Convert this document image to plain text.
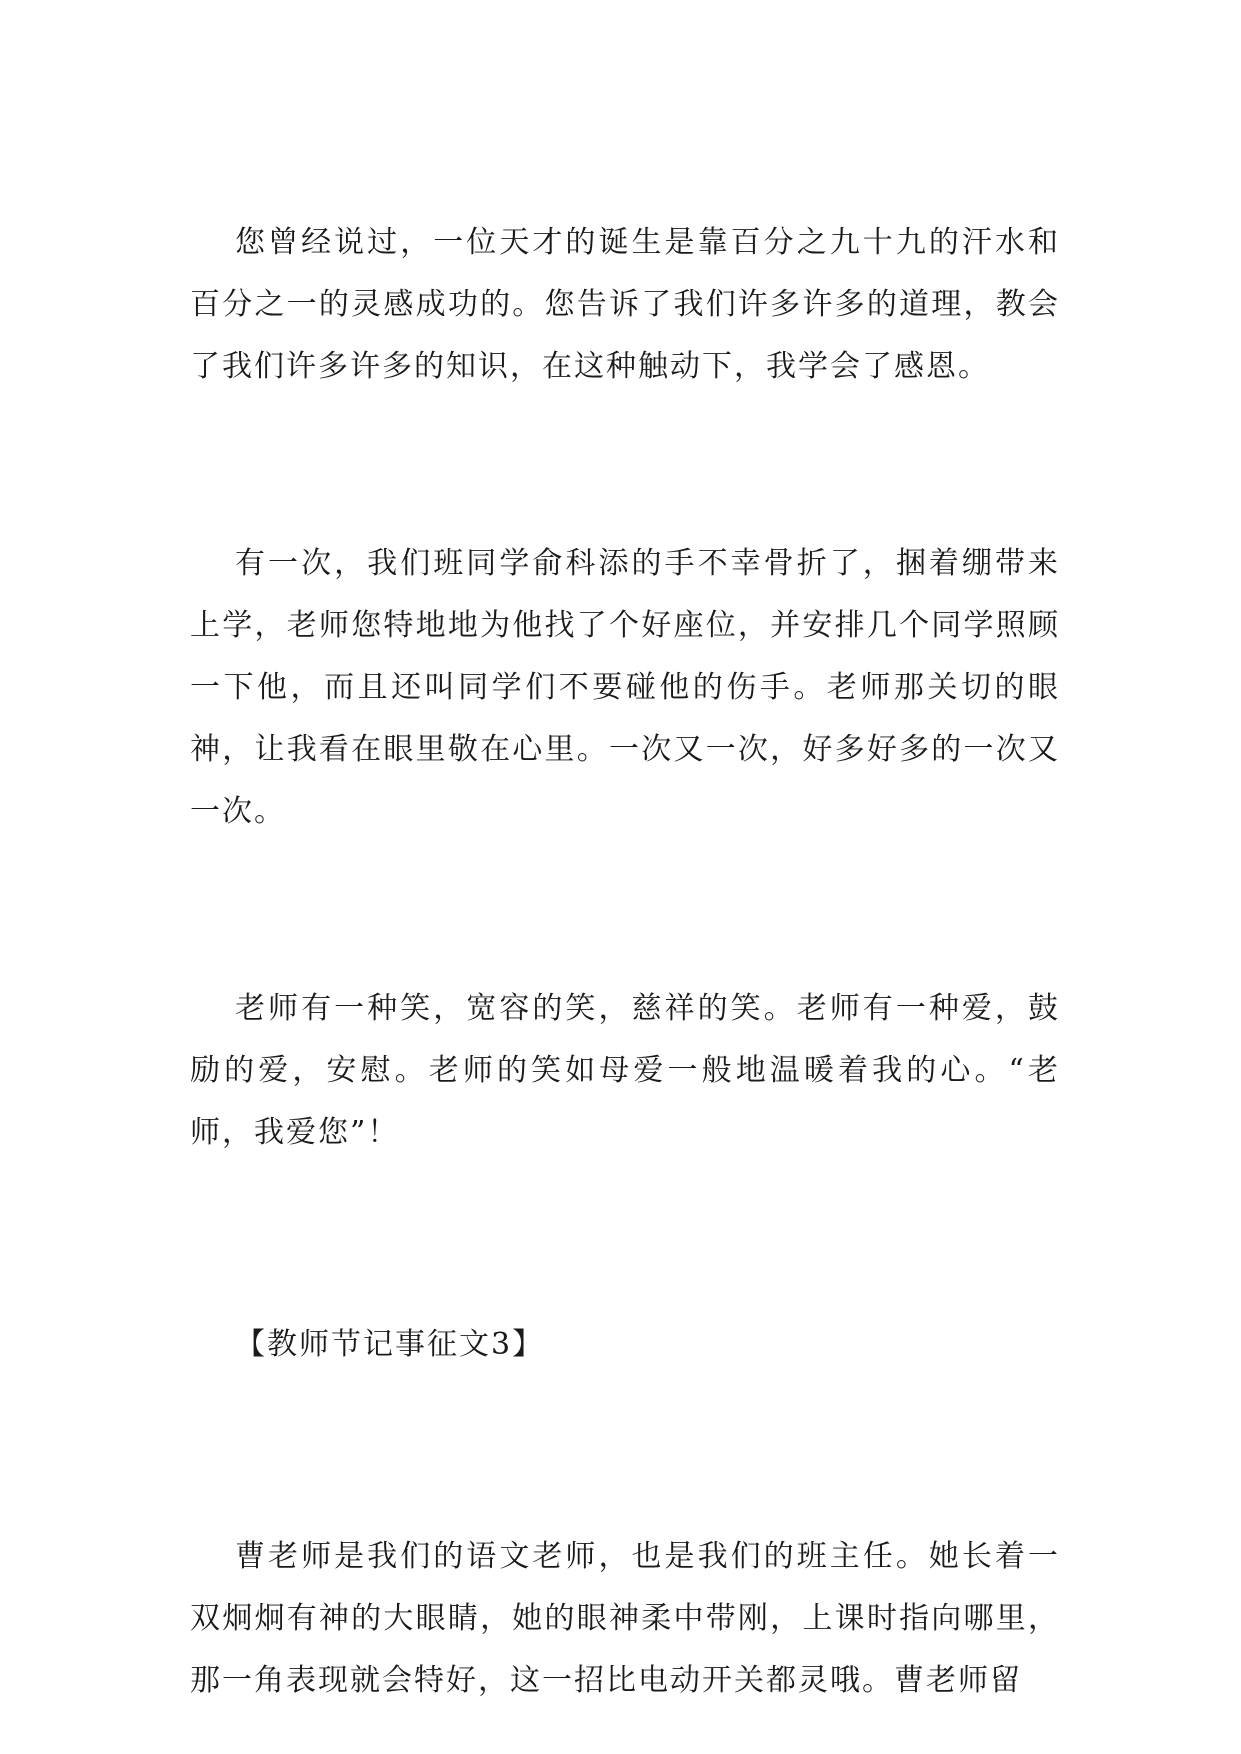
您曾经说过，一位天才的诞生是靠百分之九十九的汗水和百分之一的灵感成功的。您告诉了我们许多许多的道理，教会了我们许多许多的知识，在这种触动下，我学会了感恩。

有一次，我们班同学俞科添的手不幸骨折了，捆着绷带来上学，老师您特地地为他找了个好座位，并安排几个同学照顾一下他，而且还叫同学们不要碰他的伤手。老师那关切的眼神，让我看在眼里敬在心里。一次又一次，好多好多的一次又一次。

老师有一种笑，宽容的笑，慈祥的笑。老师有一种爱，鼓励的爱，安慰。老师的笑如母爱一般地温暖着我的心。“老师，我爱您”！

【教师节记事征文3】

曹老师是我们的语文老师，也是我们的班主任。她长着一双炯炯有神的大眼睛，她的眼神柔中带刚，上课时指向哪里，那一角表现就会特好，这一招比电动开关都灵哦。曹老师留
